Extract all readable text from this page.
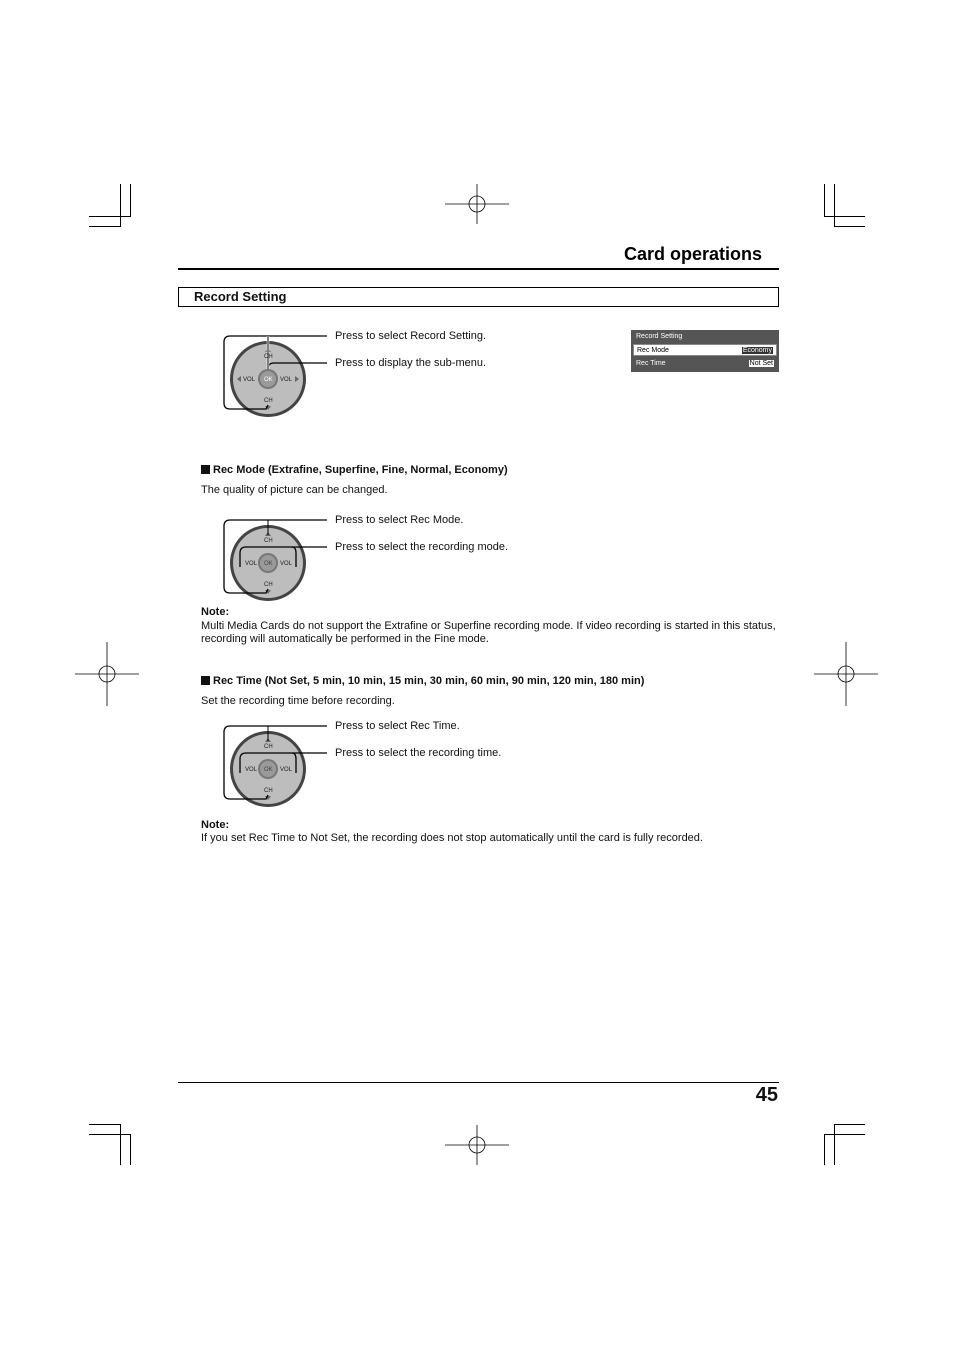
Card operations
Record Setting
CH
CH
VOL	VOL
OK
Press to select Record Setting.
Press to display the sub-menu.
Record Setting
Rec Mode	Economy
Rec Time	Not Set
Rec Mode (Extrafine, Superfine, Fine, Normal, Economy)
The quality of picture can be changed.
CH
CH
VOL	VOL
OK
Press to select Rec Mode.
Press to select the recording mode.
Note:
Multi Media Cards do not support the Extrafine or Superfine recording mode. If video recording is started in this status, recording will automatically be performed in the Fine mode.
Rec Time (Not Set, 5 min, 10 min, 15 min, 30 min, 60 min, 90 min, 120 min, 180 min)
Set the recording time before recording.
CH
CH
VOL	VOL
OK
Press to select Rec Time.
Press to select the recording time.
Note:
If you set Rec Time to Not Set, the recording does not stop automatically until the card is fully recorded.
45
